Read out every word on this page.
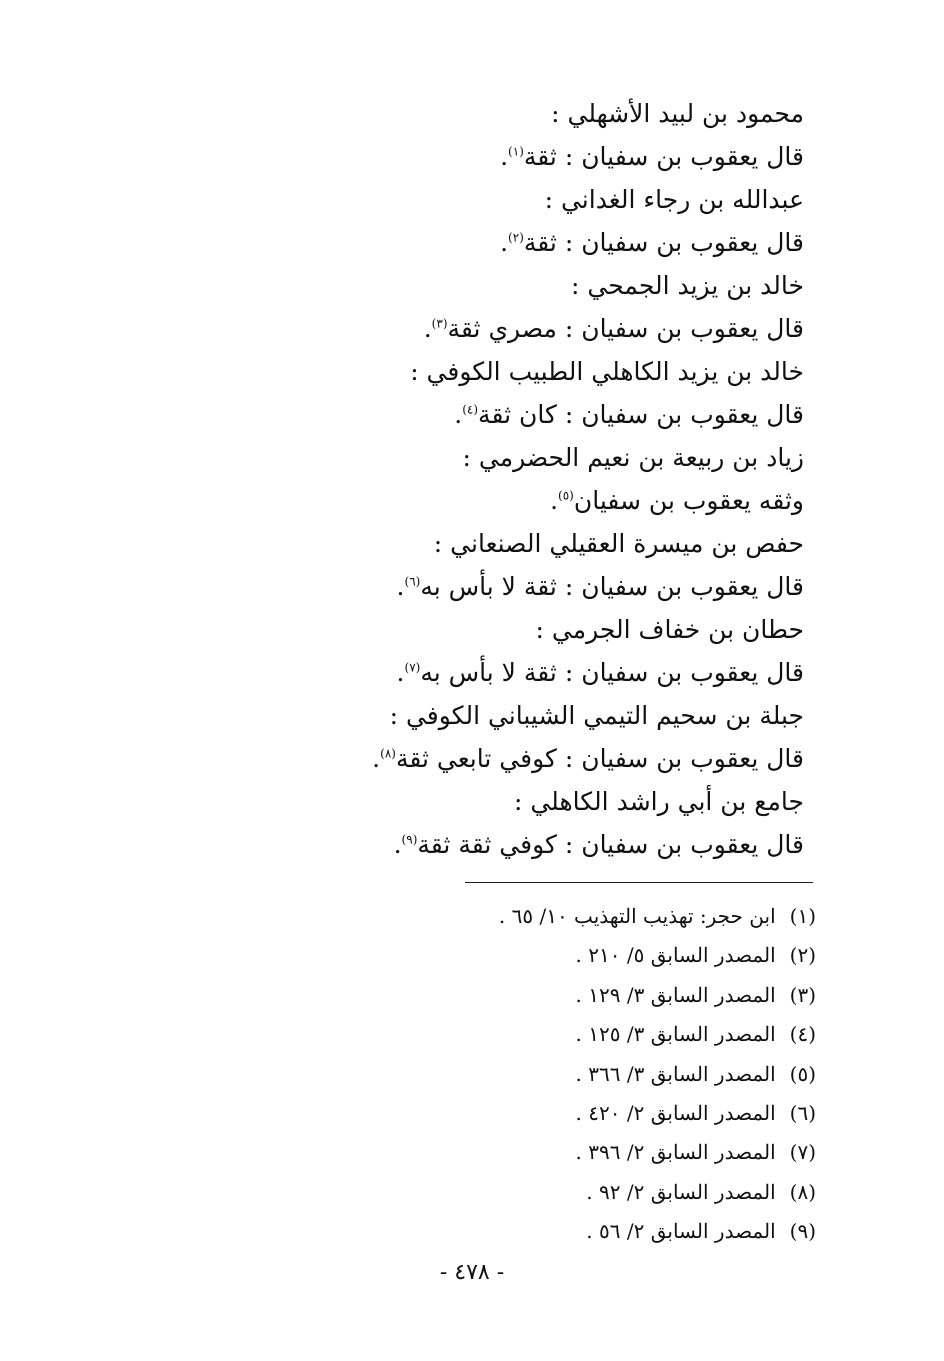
محمود بن لبيد الأشهلي :
قال يعقوب بن سفيان : ثقة$^{(١)}$.
عبدالله بن رجاء الغداني :
قال يعقوب بن سفيان : ثقة$^{(٢)}$.
خالد بن يزيد الجمحي :
قال يعقوب بن سفيان : مصري ثقة$^{(٣)}$.
خالد بن يزيد الكاهلي الطبيب الكوفي :
قال يعقوب بن سفيان : كان ثقة$^{(٤)}$.
زياد بن ربيعة بن نعيم الحضرمي :
وثقه يعقوب بن سفيان$^{(٥)}$.
حفص بن ميسرة العقيلي الصنعاني :
قال يعقوب بن سفيان : ثقة لا بأس به$^{(٦)}$.
حطان بن خفاف الجرمي :
قال يعقوب بن سفيان : ثقة لا بأس به$^{(٧)}$.
جبلة بن سحيم التيمي الشيباني الكوفي :
قال يعقوب بن سفيان : كوفي تابعي ثقة$^{(٨)}$.
جامع بن أبي راشد الكاهلي :
قال يعقوب بن سفيان : كوفي ثقة ثقة$^{(٩)}$.
(١)ابن حجر: تهذيب التهذيب ١٠/ ٦٥ .
(٢)المصدر السابق ٥/ ٢١٠ .
(٣)المصدر السابق ٣/ ١٢٩ .
(٤)المصدر السابق ٣/ ١٢٥ .
(٥)المصدر السابق ٣/ ٣٦٦ .
(٦)المصدر السابق ٢/ ٤٢٠ .
(٧)المصدر السابق ٢/ ٣٩٦ .
(٨)المصدر السابق ٢/ ٩٢ .
(٩)المصدر السابق ٢/ ٥٦ .
- ٤٧٨ -
